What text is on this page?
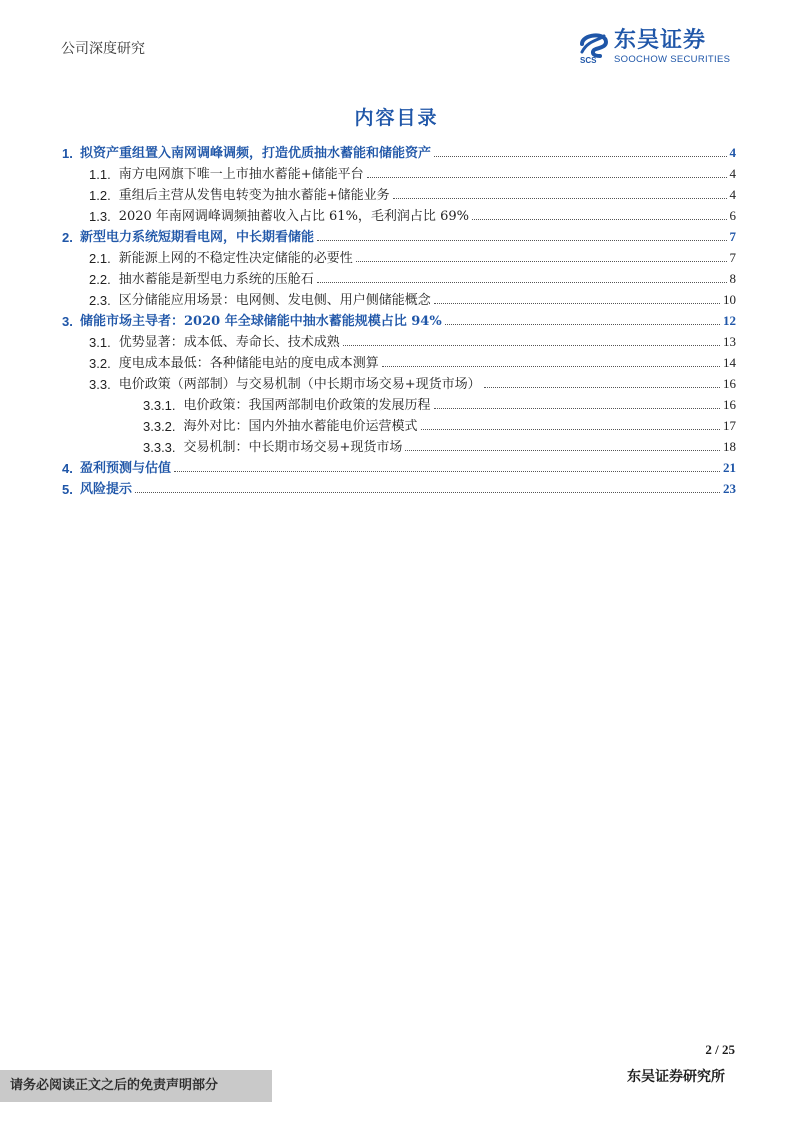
公司深度研究
SCS
东吴证券
SOOCHOW SECURITIES
内容目录
1. 拟资产重组置入南网调峰调频，打造优质抽水蓄能和储能资产	4
1.1. 南方电网旗下唯一上市抽水蓄能+储能平台	4
1.2. 重组后主营从发售电转变为抽水蓄能+储能业务	4
1.3. 2020 年南网调峰调频抽蓄收入占比 61%，毛利润占比 69%	6
2. 新型电力系统短期看电网，中长期看储能	7
2.1. 新能源上网的不稳定性决定储能的必要性	7
2.2. 抽水蓄能是新型电力系统的压舱石	8
2.3. 区分储能应用场景：电网侧、发电侧、用户侧储能概念	10
3. 储能市场主导者：2020 年全球储能中抽水蓄能规模占比 94%	12
3.1. 优势显著：成本低、寿命长、技术成熟	13
3.2. 度电成本最低：各种储能电站的度电成本测算	14
3.3. 电价政策（两部制）与交易机制（中长期市场交易+现货市场）	16
3.3.1. 电价政策：我国两部制电价政策的发展历程	16
3.3.2. 海外对比：国内外抽水蓄能电价运营模式	17
3.3.3. 交易机制：中长期市场交易+现货市场	18
4. 盈利预测与估值	21
5. 风险提示	23
2 / 25
请务必阅读正文之后的免责声明部分
东吴证券研究所
